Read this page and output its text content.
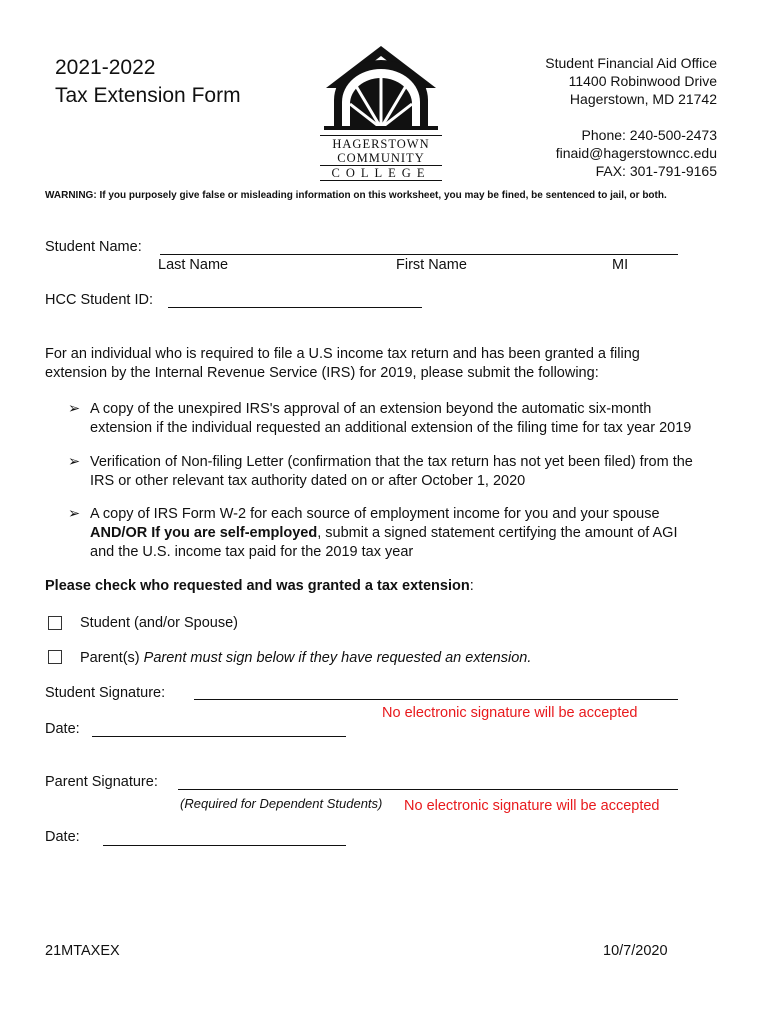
2021-2022
Tax Extension Form
HAGERSTOWN
COMMUNITY
COLLEGE
Student Financial Aid Office
11400 Robinwood Drive
Hagerstown, MD 21742
Phone: 240-500-2473
finaid@hagerstowncc.edu
FAX: 301-791-9165
WARNING: If you purposely give false or misleading information on this worksheet, you may be fined, be sentenced to jail, or both.
Student Name:
Last Name	First Name	MI
HCC Student ID:
For an individual who is required to file a U.S income tax return and has been granted a filing
extension by the Internal Revenue Service (IRS) for 2019, please submit the following:
➢ A copy of the unexpired IRS's approval of an extension beyond the automatic six-month
extension if the individual requested an additional extension of the filing time for tax year 2019
➢ Verification of Non-filing Letter (confirmation that the tax return has not yet been filed) from the
IRS or other relevant tax authority dated on or after October 1, 2020
➢ A copy of IRS Form W-2 for each source of employment income for you and your spouse
AND/OR If you are self-employed, submit a signed statement certifying the amount of AGI
and the U.S. income tax paid for the 2019 tax year
Please check who requested and was granted a tax extension:
Student (and/or Spouse)
Parent(s) Parent must sign below if they have requested an extension.
Student Signature:
No electronic signature will be accepted
Date:
Parent Signature:
(Required for Dependent Students) No electronic signature will be accepted
Date:
21MTAXEX	10/7/2020
